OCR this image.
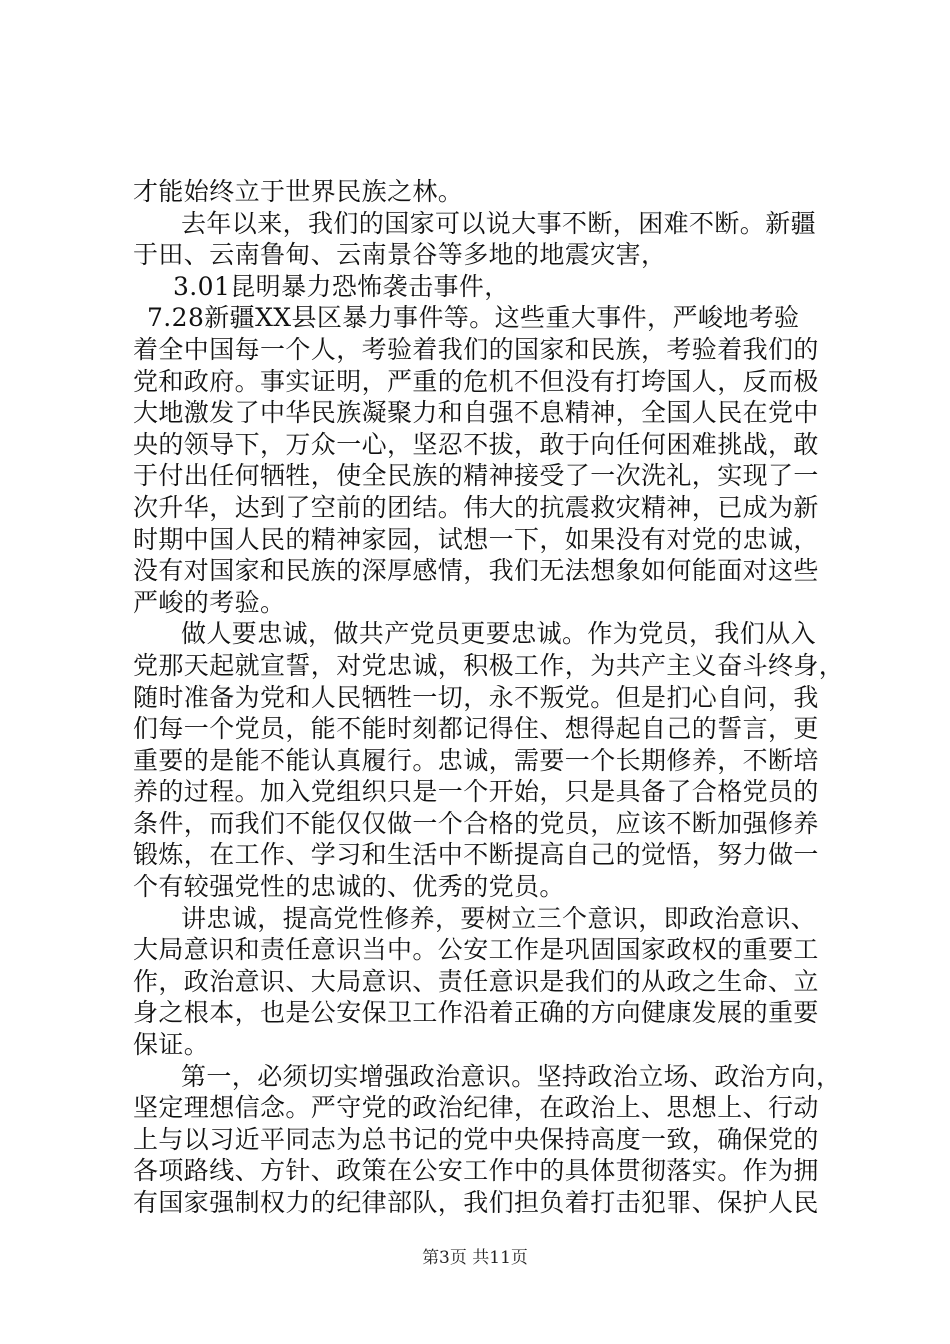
才能始终立于世界民族之林。
去年以来，我们的国家可以说大事不断，困难不断。新疆
于田、云南鲁甸、云南景谷等多地的地震灾害，
3.01昆明暴力恐怖袭击事件，
7.28新疆XX县区暴力事件等。这些重大事件，严峻地考验
着全中国每一个人，考验着我们的国家和民族，考验着我们的
党和政府。事实证明，严重的危机不但没有打垮国人，反而极
大地激发了中华民族凝聚力和自强不息精神，全国人民在党中
央的领导下，万众一心，坚忍不拔，敢于向任何困难挑战，敢
于付出任何牺牲，使全民族的精神接受了一次洗礼，实现了一
次升华，达到了空前的团结。伟大的抗震救灾精神，已成为新
时期中国人民的精神家园，试想一下，如果没有对党的忠诚，
没有对国家和民族的深厚感情，我们无法想象如何能面对这些
严峻的考验。
做人要忠诚，做共产党员更要忠诚。作为党员，我们从入
党那天起就宣誓，对党忠诚，积极工作，为共产主义奋斗终身，
随时准备为党和人民牺牲一切，永不叛党。但是扪心自问，我
们每一个党员，能不能时刻都记得住、想得起自己的誓言，更
重要的是能不能认真履行。忠诚，需要一个长期修养，不断培
养的过程。加入党组织只是一个开始，只是具备了合格党员的
条件，而我们不能仅仅做一个合格的党员，应该不断加强修养
锻炼，在工作、学习和生活中不断提高自己的觉悟，努力做一
个有较强党性的忠诚的、优秀的党员。
讲忠诚，提高党性修养，要树立三个意识，即政治意识、
大局意识和责任意识当中。公安工作是巩固国家政权的重要工
作，政治意识、大局意识、责任意识是我们的从政之生命、立
身之根本，也是公安保卫工作沿着正确的方向健康发展的重要
保证。
第一，必须切实增强政治意识。坚持政治立场、政治方向，
坚定理想信念。严守党的政治纪律，在政治上、思想上、行动
上与以习近平同志为总书记的党中央保持高度一致，确保党的
各项路线、方针、政策在公安工作中的具体贯彻落实。作为拥
有国家强制权力的纪律部队，我们担负着打击犯罪、保护人民
第3页 共11页
